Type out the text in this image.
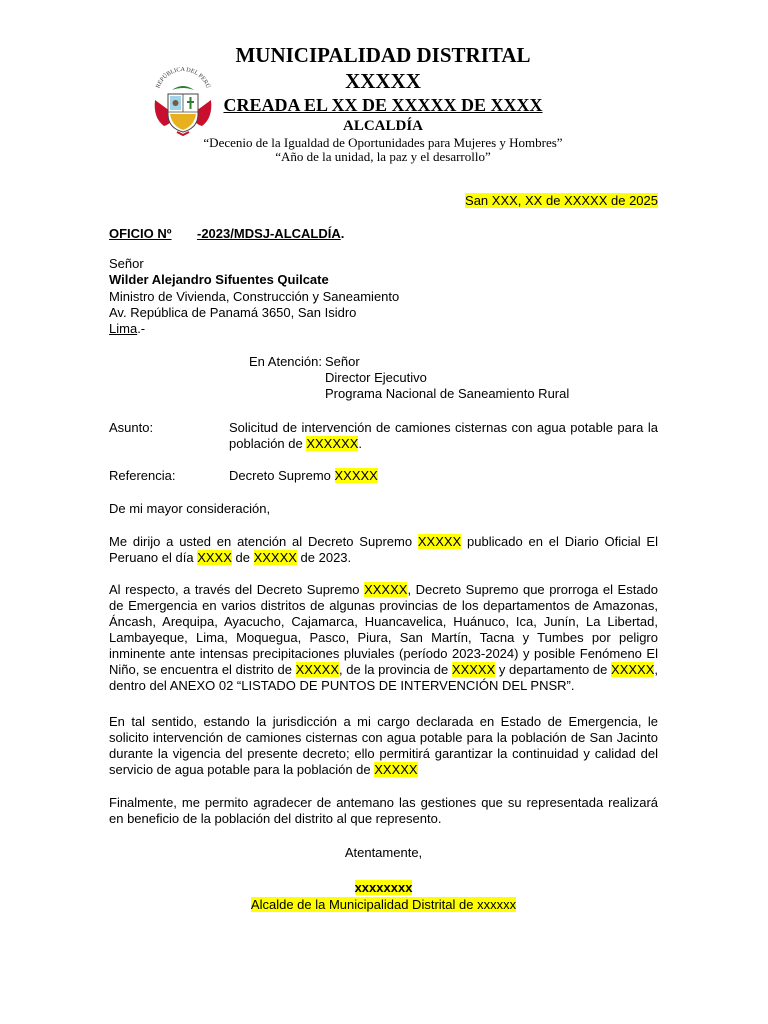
REPÚBLICA DEL PERÚ
MUNICIPALIDAD DISTRITAL
XXXXX
CREADA EL XX DE XXXXX DE XXXX
ALCALDÍA
“Decenio de la Igualdad de Oportunidades para Mujeres y Hombres”
“Año de la unidad, la paz y el desarrollo”
San XXX, XX de XXXXX de 2025
OFICIO Nº -2023/MDSJ-ALCALDÍA.
Señor
Wilder Alejandro Sifuentes Quilcate
Ministro de Vivienda, Construcción y Saneamiento
Av. República de Panamá 3650, San Isidro
Lima.-
En Atención: Señor
Director Ejecutivo
Programa Nacional de Saneamiento Rural
Asunto:	Solicitud de intervención de camiones cisternas con agua potable para la
población de XXXXXX.
Referencia:	Decreto Supremo XXXXX
De mi mayor consideración,
Me dirijo a usted en atención al Decreto Supremo XXXXX publicado en el Diario Oficial El Peruano el día XXXX de XXXXX de 2023.
Al respecto, a través del Decreto Supremo XXXXX, Decreto Supremo que prorroga el Estado de Emergencia en varios distritos de algunas provincias de los departamentos de Amazonas, Áncash, Arequipa, Ayacucho, Cajamarca, Huancavelica, Huánuco, Ica, Junín, La Libertad, Lambayeque, Lima, Moquegua, Pasco, Piura, San Martín, Tacna y Tumbes por peligro inminente ante intensas precipitaciones pluviales (período 2023-2024) y posible Fenómeno El Niño, se encuentra el distrito de XXXXX, de la provincia de XXXXX y departamento de XXXXX, dentro del ANEXO 02 “LISTADO DE PUNTOS DE INTERVENCIÓN DEL PNSR”.
En tal sentido, estando la jurisdicción a mi cargo declarada en Estado de Emergencia, le solicito intervención de camiones cisternas con agua potable para la población de San Jacinto durante la vigencia del presente decreto; ello permitirá garantizar la continuidad y calidad del servicio de agua potable para la población de XXXXX
Finalmente, me permito agradecer de antemano las gestiones que su representada realizará en beneficio de la población del distrito al que represento.
Atentamente,
xxxxxxxx
Alcalde de la Municipalidad Distrital de xxxxxx
